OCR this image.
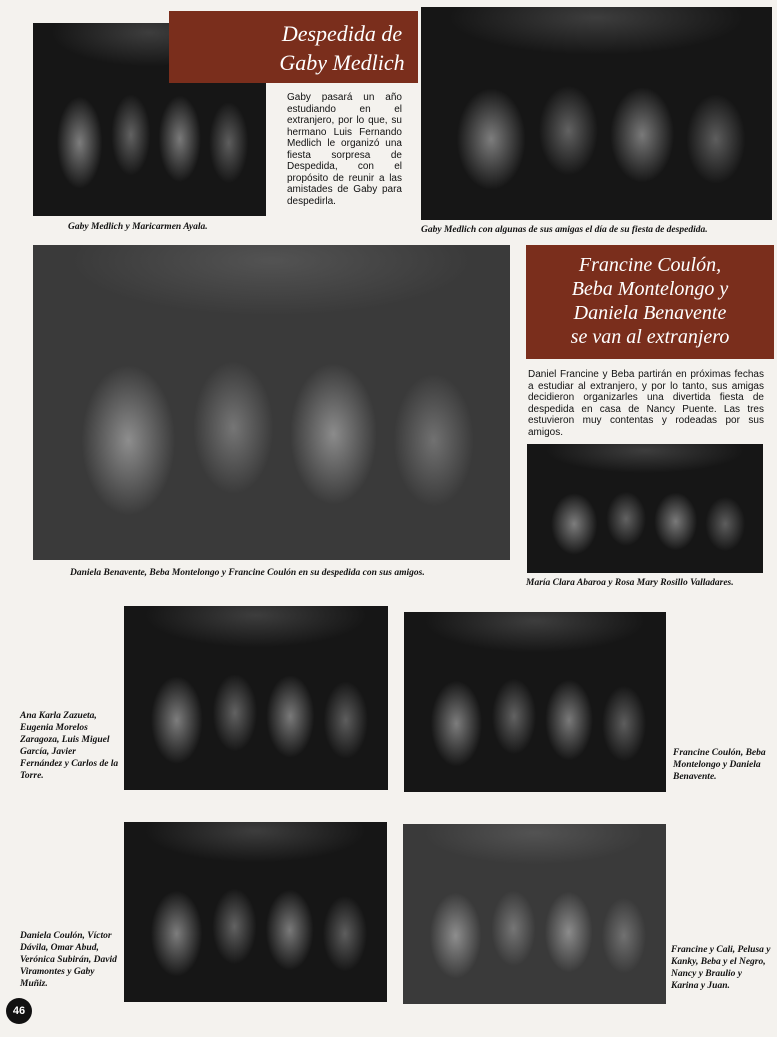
Gaby Medlich y Maricarmen Ayala.
Despedida de
Gaby Medlich
Gaby pasará un año estudiando en el extranjero, por lo que, su hermano Luis Fernando Medlich le organizó una fiesta sorpresa de Despedida, con el propósito de reunir a las amistades de Gaby para despedirla.
Gaby Medlich con algunas de sus amigas el día de su fiesta de despedida.
Daniela Benavente, Beba Montelongo y Francine Coulón en su despedida con sus amigos.
Francine Coulón,
Beba Montelongo y
Daniela Benavente
se van al extranjero
Daniel Francine y Beba partirán en próximas fechas a estudiar al extranjero, y por lo tanto, sus amigas decidieron organizarles una divertida fiesta de despedida en casa de Nancy Puente. Las tres estuvieron muy contentas y rodeadas por sus amigos.
María Clara Abaroa y Rosa Mary Rosillo Valladares.
Ana Karla Zazueta, Eugenia Morelos Zaragoza, Luis Miguel García, Javier Fernández y Carlos de la Torre.
Francine Coulón, Beba Montelongo y Daniela Benavente.
Daniela Coulón, Víctor Dávila, Omar Abud, Verónica Subirán, David Viramontes y Gaby Muñiz.
Francine y Cali, Pelusa y Kanky, Beba y el Negro, Nancy y Braulio y Karina y Juan.
46
